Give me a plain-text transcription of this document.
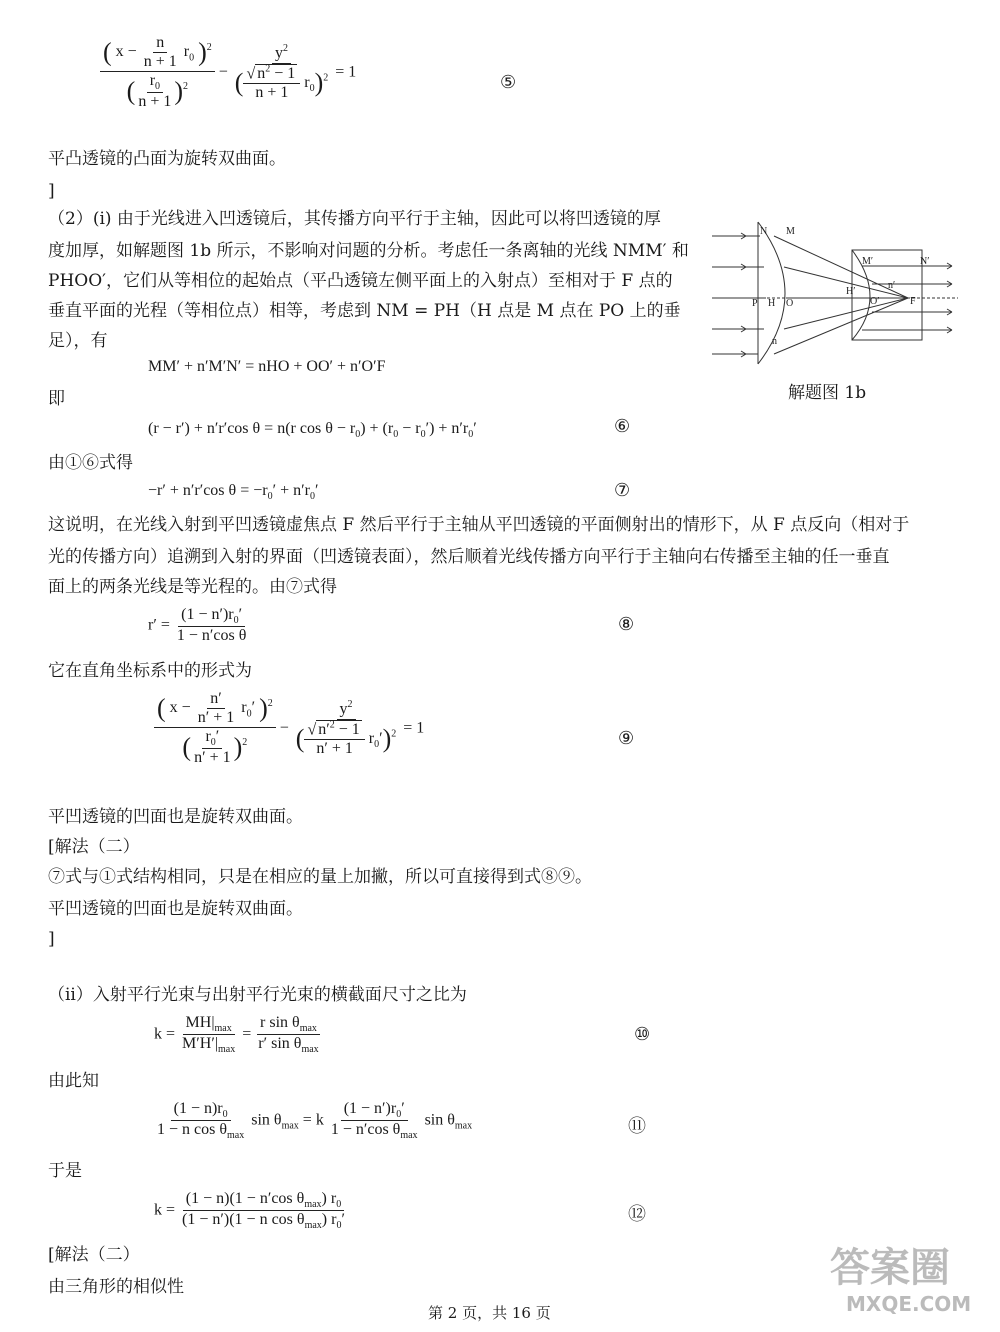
$\frac{( x - \frac{n}{n + 1} r_0 )^2}{( \frac{r_0}{n + 1} )^2} - \frac{y^2}{( \frac{√ n^2 - 1}{n + 1} r_0)^2} = 1$
⑤
平凸透镜的凸面为旋转双曲面。
]
（2）(i) 由于光线进入凹透镜后，其传播方向平行于主轴，因此可以将凹透镜的厚
度加厚，如解题图 1b 所示，不影响对问题的分析。考虑任一条离轴的光线 NMM′ 和
PHOO′，它们从等相位的起始点（平凸透镜左侧平面上的入射点）至相对于 F 点的
垂直平面的光程（等相位点）相等，考虑到 NM = PH（H 点是 M 点在 PO 上的垂
足），有
MM′ + n′M′N′ = nHO + OO′ + n′O′F
即
N M
P H O
n
N′
M′
H′
O′	F
n′
解题图 1b
(r − r′) + n′r′cos θ = n(r $\cos \theta - r_0) + (r_0 - r_0') + n'r_0'$	⑥
由①⑥式得
−r′ + n′r′cos $\theta = -r_0' + n'r_0'$	⑦
这说明，在光线入射到平凹透镜虚焦点 F 然后平行于主轴从平凹透镜的平面侧射出的情形下，从 F 点反向（相对于
光的传播方向）追溯到入射的界面（凹透镜表面），然后顺着光线传播方向平行于主轴向右传播至主轴的任一垂直
面上的两条光线是等光程的。由⑦式得
$r' = \frac{(1 - n')r_0'}{\text{1 − n′cos θ}}$	⑧
它在直角坐标系中的形式为
$\frac{( x - \frac{n'}{n' + 1} r_0' )^2}{( \frac{r_0'}{n' + 1} )^2} - \frac{y^2}{( \frac{√ n'^2 - 1}{n' + 1} r_0')^2} = 1$
⑨
平凹透镜的凹面也是旋转双曲面。
[解法（二）
⑦式与①式结构相同，只是在相应的量上加撇，所以可直接得到式⑧⑨。
平凹透镜的凹面也是旋转双曲面。
]
（ii）入射平行光束与出射平行光束的横截面尺寸之比为
$k = \frac{MH|_{max}}{M'H'|_{max}} = \frac{r \sin \theta_{max}}{r' \sin \theta_{max}}$	⑩
由此知
$\frac{(1 - n)r_0}{1 - n \cos \theta_{max}}$ $\sin \theta_{max} = k \frac{(1 - n')r_0'}{1 - n'\cos \theta_{max}}$ $\sin \theta_{max}$	⑪
于是
$k = \frac{(1 - n)(1 - n'\cos \theta_{max}) r_0}{(1 - n')(1 - n \cos \theta_{max}) r_0'}$	⑫
[解法（二）
由三角形的相似性
第 2 页，共 16 页
答案圈
MXQE.COM
